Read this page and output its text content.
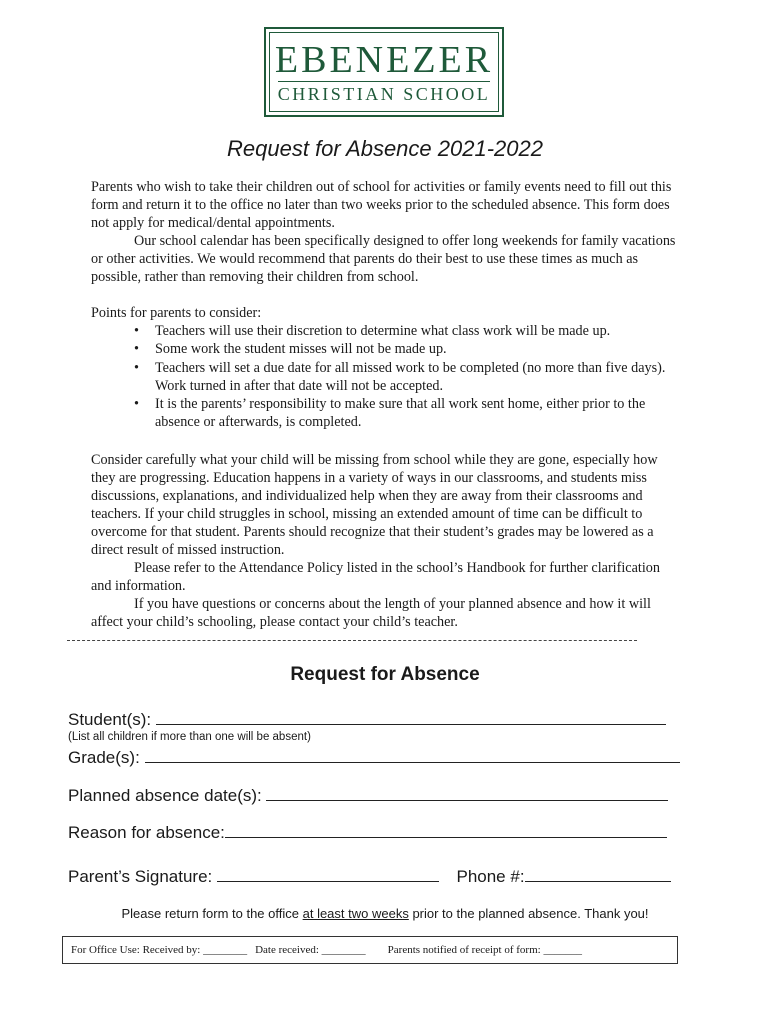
EBENEZER
CHRISTIAN SCHOOL
Request for Absence 2021-2022
Parents who wish to take their children out of school for activities or family events need to fill out this form and return it to the office no later than two weeks prior to the scheduled absence. This form does not apply for medical/dental appointments.
Our school calendar has been specifically designed to offer long weekends for family vacations or other activities. We would recommend that parents do their best to use these times as much as possible, rather than removing their children from school.
Points for parents to consider:
• Teachers will use their discretion to determine what class work will be made up.
• Some work the student misses will not be made up.
• Teachers will set a due date for all missed work to be completed (no more than five days). Work turned in after that date will not be accepted.
• It is the parents’ responsibility to make sure that all work sent home, either prior to the absence or afterwards, is completed.
Consider carefully what your child will be missing from school while they are gone, especially how they are progressing. Education happens in a variety of ways in our classrooms, and students miss discussions, explanations, and individualized help when they are away from their classrooms and teachers. If your child struggles in school, missing an extended amount of time can be difficult to overcome for that student. Parents should recognize that their student’s grades may be lowered as a direct result of missed instruction.
Please refer to the Attendance Policy listed in the school’s Handbook for further clarification and information.
If you have questions or concerns about the length of your planned absence and how it will affect your child’s schooling, please contact your child’s teacher.
Request for Absence
Student(s):
(List all children if more than one will be absent)
Grade(s):
Planned absence date(s):
Reason for absence:
Parent’s Signature:	Phone #:
Please return form to the office at least two weeks prior to the planned absence. Thank you!
For Office Use: Received by: ________ Date received: ________ Parents notified of receipt of form: _______
